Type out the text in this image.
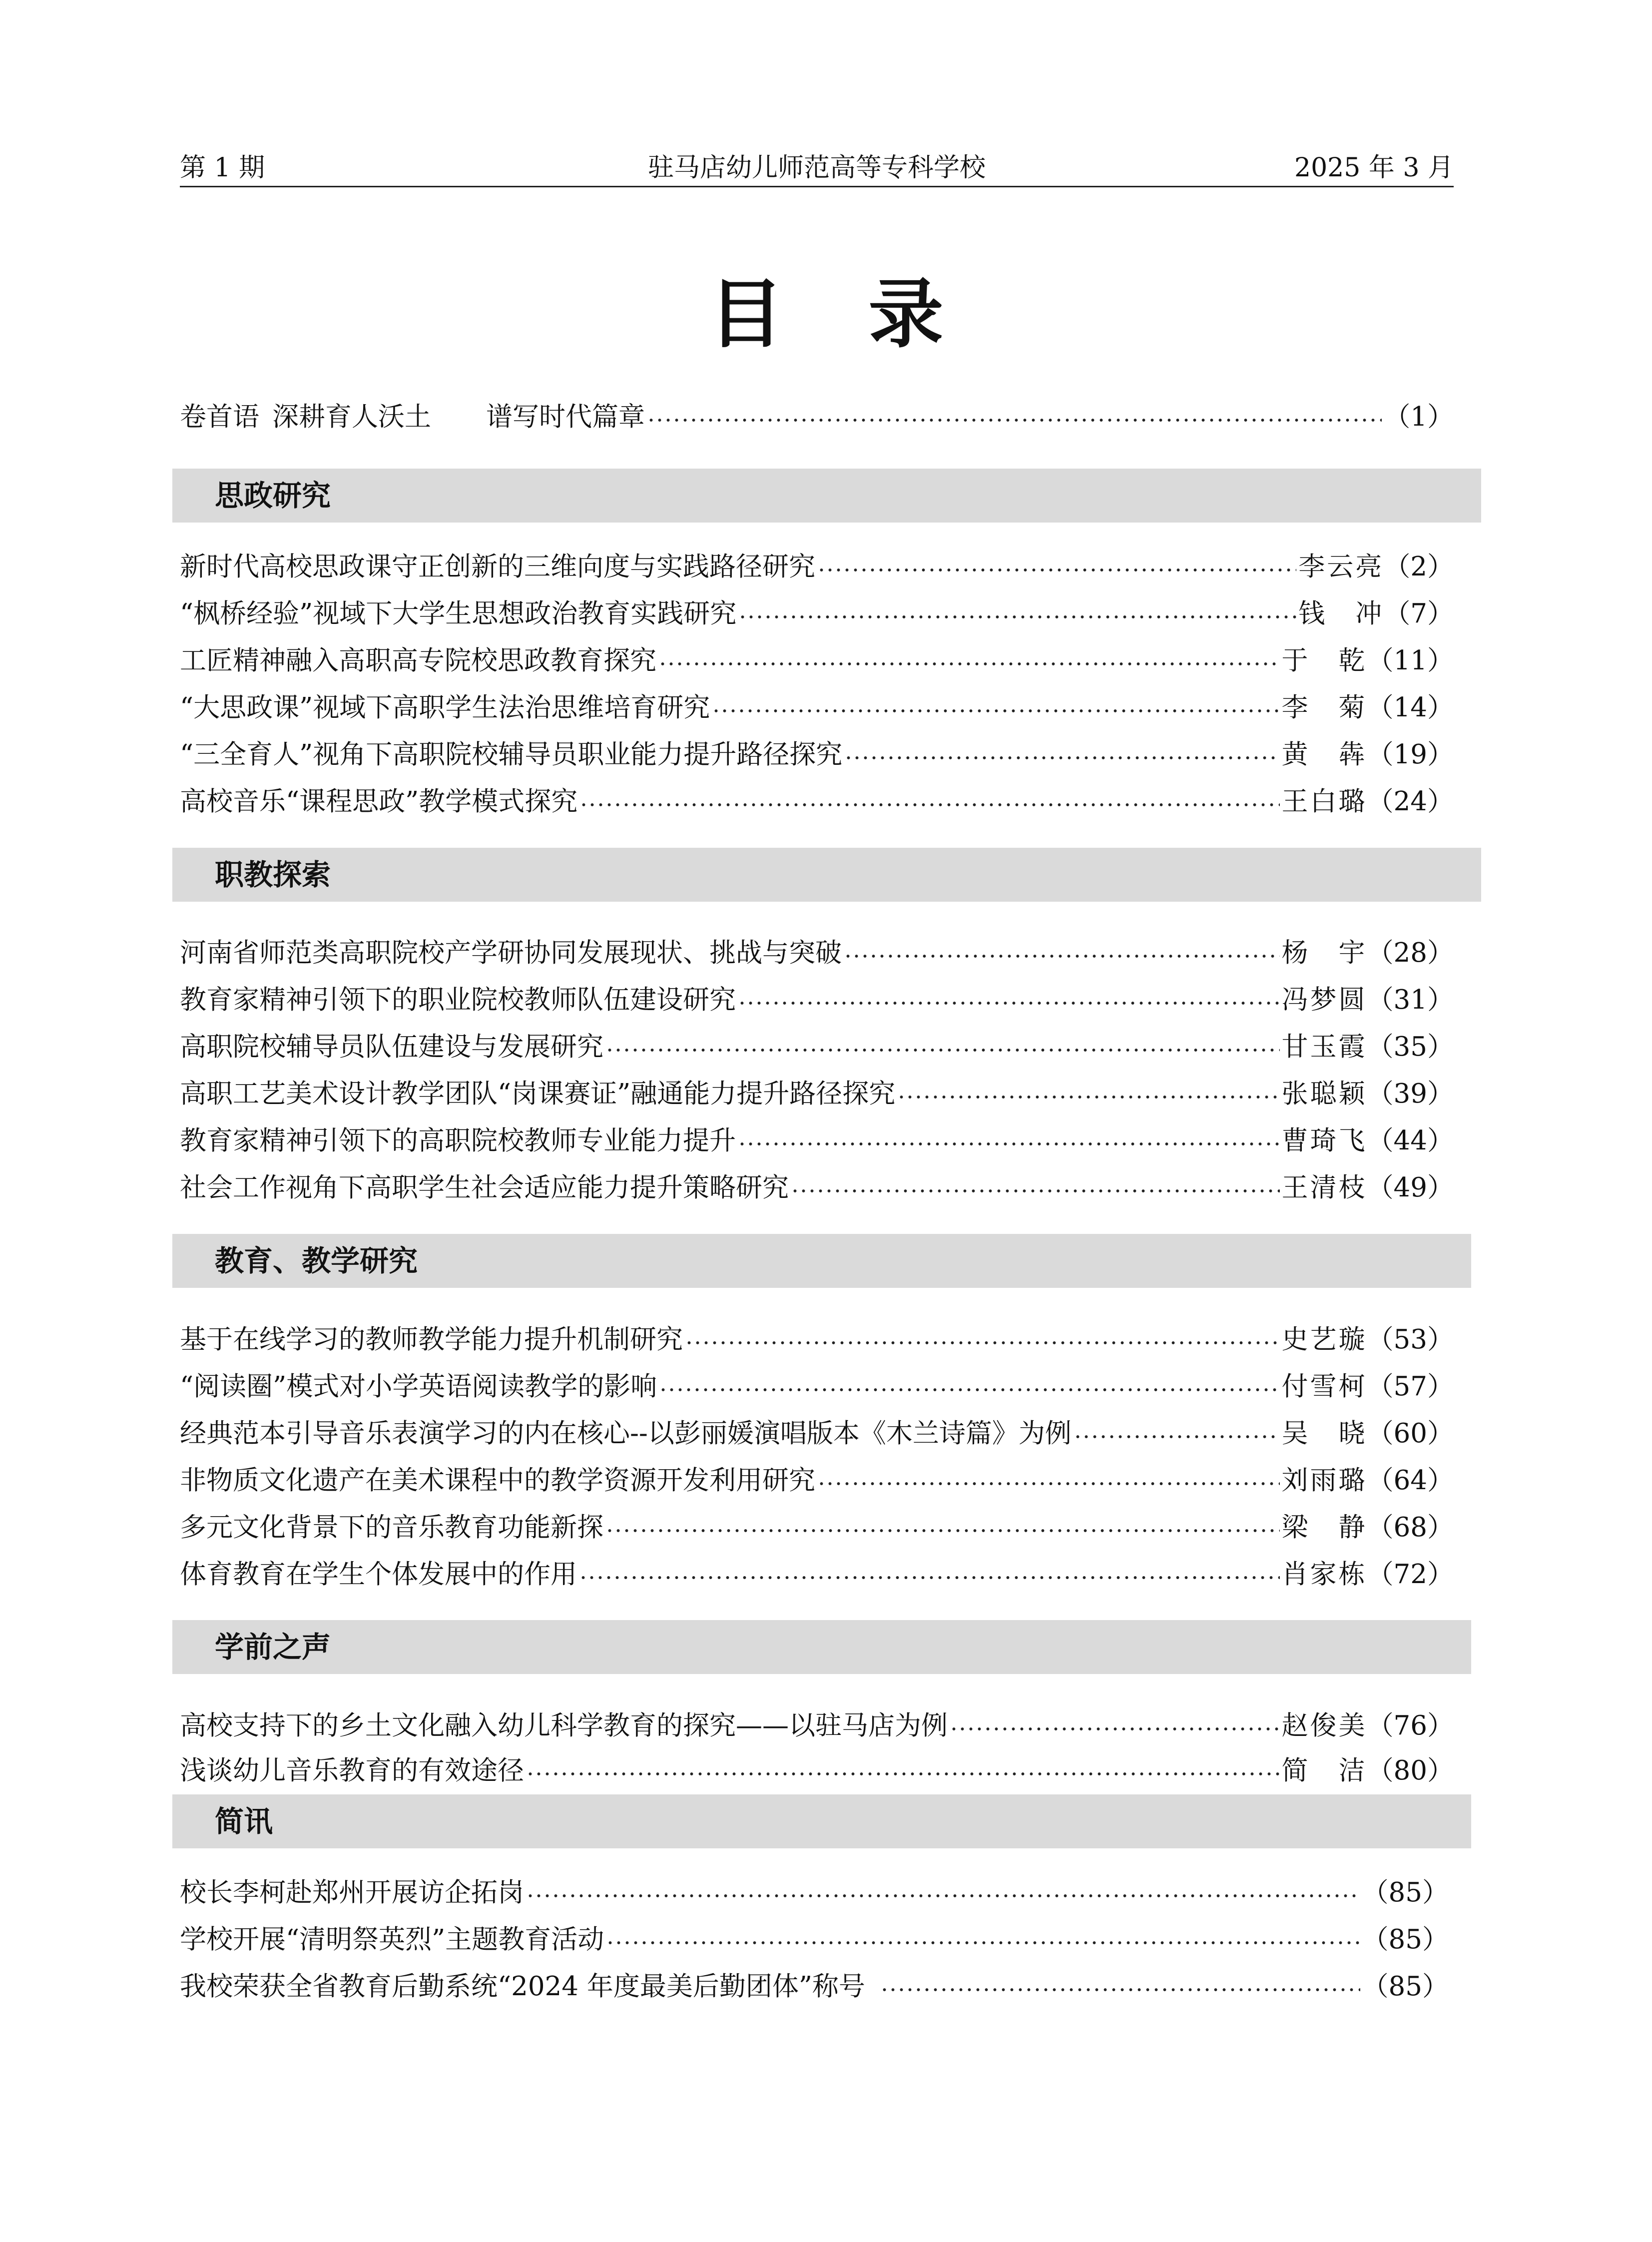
第 1 期	驻马店幼儿师范高等专科学校	2025 年 3 月
目录
卷首语 深耕育人沃土 谱写时代篇章	（1）
思政研究
新时代高校思政课守正创新的三维向度与实践路径研究	李云亮 （2）
“枫桥经验”视域下大学生思想政治教育实践研究	钱　冲 （7）
工匠精神融入高职高专院校思政教育探究	于　乾 （11）
“大思政课”视域下高职学生法治思维培育研究	李　菊 （14）
“三全育人”视角下高职院校辅导员职业能力提升路径探究	黄　犇 （19）
高校音乐“课程思政”教学模式探究	王白璐 （24）
职教探索
河南省师范类高职院校产学研协同发展现状、挑战与突破	杨　宇 （28）
教育家精神引领下的职业院校教师队伍建设研究	冯梦圆 （31）
高职院校辅导员队伍建设与发展研究	甘玉霞 （35）
高职工艺美术设计教学团队“岗课赛证”融通能力提升路径探究	张聪颖 （39）
教育家精神引领下的高职院校教师专业能力提升	曹琦飞 （44）
社会工作视角下高职学生社会适应能力提升策略研究	王清枝 （49）
教育、教学研究
基于在线学习的教师教学能力提升机制研究	史艺璇 （53）
“阅读圈”模式对小学英语阅读教学的影响	付雪柯 （57）
经典范本引导音乐表演学习的内在核心--以彭丽媛演唱版本《木兰诗篇》为例	吴　晓 （60）
非物质文化遗产在美术课程中的教学资源开发利用研究	刘雨璐 （64）
多元文化背景下的音乐教育功能新探	梁　静 （68）
体育教育在学生个体发展中的作用	肖家栋 （72）
学前之声
高校支持下的乡土文化融入幼儿科学教育的探究——以驻马店为例	赵俊美 （76）
浅谈幼儿音乐教育的有效途径	简　洁 （80）
简讯
校长李柯赴郑州开展访企拓岗	（85）
学校开展“清明祭英烈”主题教育活动	（85）
我校荣获全省教育后勤系统“2024 年度最美后勤团体”称号	（85）
